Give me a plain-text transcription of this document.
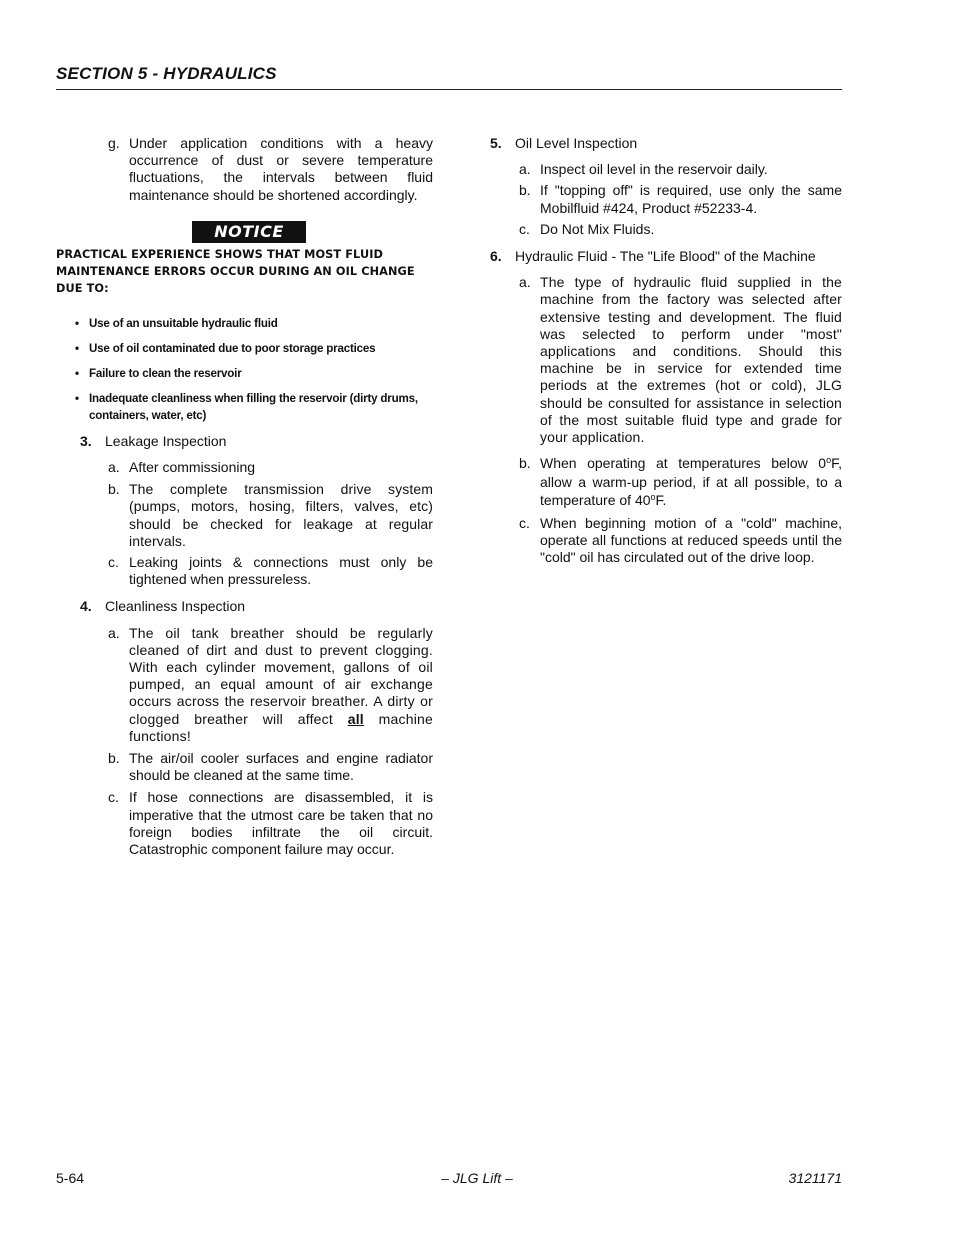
SECTION 5 - HYDRAULICS
g. Under application conditions with a heavy occurrence of dust or severe temperature fluctuations, the intervals between fluid maintenance should be shortened accordingly.
NOTICE
PRACTICAL EXPERIENCE SHOWS THAT MOST FLUID MAINTENANCE ERRORS OCCUR DURING AN OIL CHANGE DUE TO:
• Use of an unsuitable hydraulic fluid
• Use of oil contaminated due to poor storage practices
• Failure to clean the reservoir
• Inadequate cleanliness when filling the reservoir (dirty drums, containers, water, etc)
3. Leakage Inspection
a. After commissioning
b. The complete transmission drive system (pumps, motors, hosing, filters, valves, etc) should be checked for leakage at regular intervals.
c. Leaking joints & connections must only be tightened when pressureless.
4. Cleanliness Inspection
a. The oil tank breather should be regularly cleaned of dirt and dust to prevent clogging. With each cylinder movement, gallons of oil pumped, an equal amount of air exchange occurs across the reservoir breather. A dirty or clogged breather will affect all machine functions!
b. The air/oil cooler surfaces and engine radiator should be cleaned at the same time.
c. If hose connections are disassembled, it is imperative that the utmost care be taken that no foreign bodies infiltrate the oil circuit. Catastrophic component failure may occur.
5. Oil Level Inspection
a. Inspect oil level in the reservoir daily.
b. If "topping off" is required, use only the same Mobilfluid #424, Product #52233-4.
c. Do Not Mix Fluids.
6. Hydraulic Fluid - The "Life Blood" of the Machine
a. The type of hydraulic fluid supplied in the machine from the factory was selected after extensive testing and development. The fluid was selected to perform under "most" applications and conditions. Should this machine be in service for extended time periods at the extremes (hot or cold), JLG should be consulted for assistance in selection of the most suitable fluid type and grade for your application.
b. When operating at temperatures below 0$^o$F, allow a warm-up period, if at all possible, to a temperature of 40$^o$F.
c. When beginning motion of a "cold" machine, operate all functions at reduced speeds until the "cold" oil has circulated out of the drive loop.
5-64	– JLG Lift –	3121171
